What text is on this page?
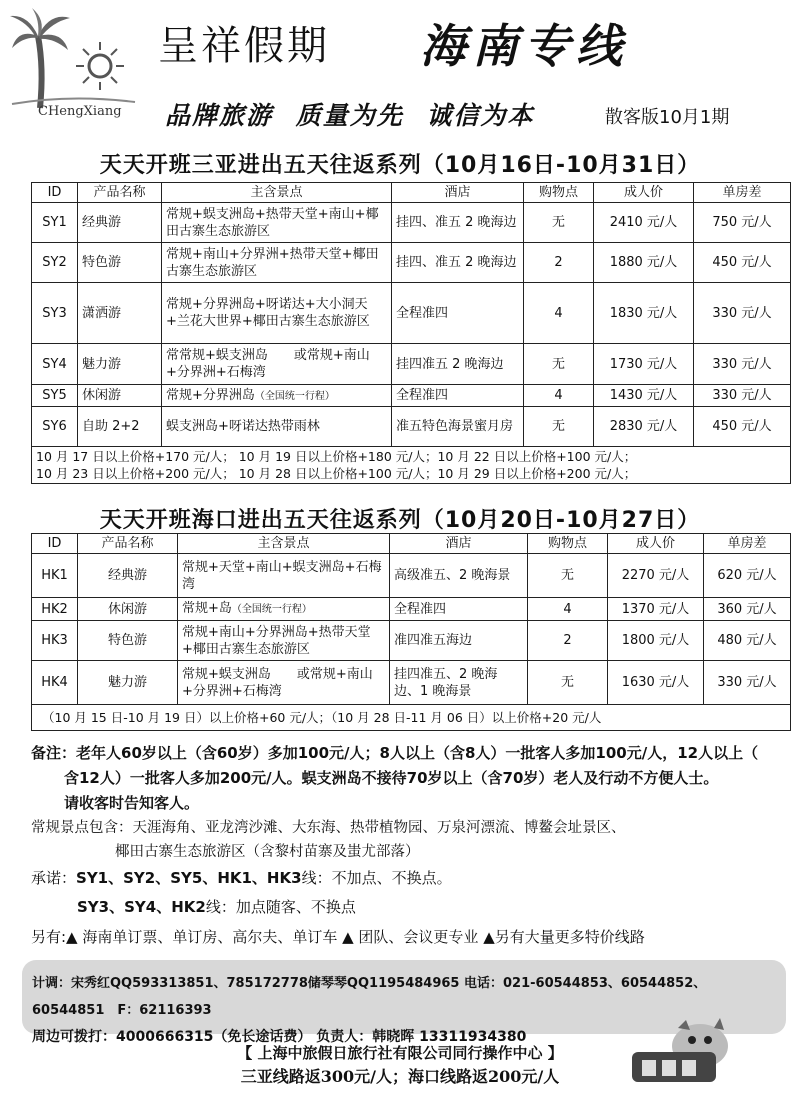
CHengXiang
呈祥假期 海南专线
品牌旅游 质量为先 诚信为本	散客版10月1期
天天开班三亚进出五天往返系列（10月16日-10月31日）
ID	产品名称	主含景点	酒店	购物点	成人价	单房差
SY1	经典游	常规+蜈支洲岛+热带天堂+南山+椰田古寨生态旅游区	挂四、准五 2 晚海边	无	2410 元/人	750 元/人
SY2	特色游	常规+南山+分界洲+热带天堂+椰田古寨生态旅游区	挂四、准五 2 晚海边	2	1880 元/人	450 元/人
SY3	潇洒游	常规+分界洲岛+呀诺达+大小洞天+兰花大世界+椰田古寨生态旅游区	全程准四	4	1830 元/人	330 元/人
SY4	魅力游	常常规+蜈支洲岛　　或常规+南山+分界洲+石梅湾	挂四准五 2 晚海边	无	1730 元/人	330 元/人
SY5	休闲游	常规+分界洲岛（全国统一行程）	全程准四	4	1430 元/人	330 元/人
SY6	自助 2+2	蜈支洲岛+呀诺达热带雨林	准五特色海景蜜月房	无	2830 元/人	450 元/人

10 月 17 日以上价格+170 元/人； 10 月 19 日以上价格+180 元/人；10 月 22 日以上价格+100 元/人；
10 月 23 日以上价格+200 元/人； 10 月 28 日以上价格+100 元/人；10 月 29 日以上价格+200 元/人；						
天天开班海口进出五天往返系列（10月20日-10月27日）
ID	产品名称	主含景点	酒店	购物点	成人价	单房差
HK1	经典游	常规+天堂+南山+蜈支洲岛+石梅湾	高级准五、2 晚海景	无	2270 元/人	620 元/人
HK2	休闲游	常规+岛（全国统一行程）	全程准四	4	1370 元/人	360 元/人
HK3	特色游	常规+南山+分界洲岛+热带天堂+椰田古寨生态旅游区	准四准五海边	2	1800 元/人	480 元/人
HK4	魅力游	常规+蜈支洲岛　　或常规+南山+分界洲+石梅湾	挂四准五、2 晚海边、1 晚海景	无	1630 元/人	330 元/人
（10 月 15 日-10 月 19 日）以上价格+60 元/人；（10 月 28 日-11 月 06 日）以上价格+20 元/人						
备注：老年人60岁以上（含60岁）多加100元/人；8人以上（含8人）一批客人多加100元/人，12人以上（
含12人）一批客人多加200元/人。蜈支洲岛不接待70岁以上（含70岁）老人及行动不方便人士。
请收客时告知客人。
常规景点包含：天涯海角、亚龙湾沙滩、大东海、热带植物园、万泉河漂流、博鳌会址景区、
椰田古寨生态旅游区（含黎村苗寨及蚩尤部落）
承诺：SY1、SY2、SY5、HK1、HK3线：不加点、不换点。
SY3、SY4、HK2线：加点随客、不换点
另有:▲ 海南单订票、单订房、高尔夫、单订车 ▲ 团队、会议更专业 ▲另有大量更多特价线路
计调：宋秀红QQ593313851、785172778储琴琴QQ1195484965 电话：021-60544853、60544852、60544851　F：62116393
周边可拨打：4000666315（免长途话费） 负责人：韩晓晖 13311934380
【 上海中旅假日旅行社有限公司同行操作中心 】
三亚线路返300元/人；海口线路返200元/人
